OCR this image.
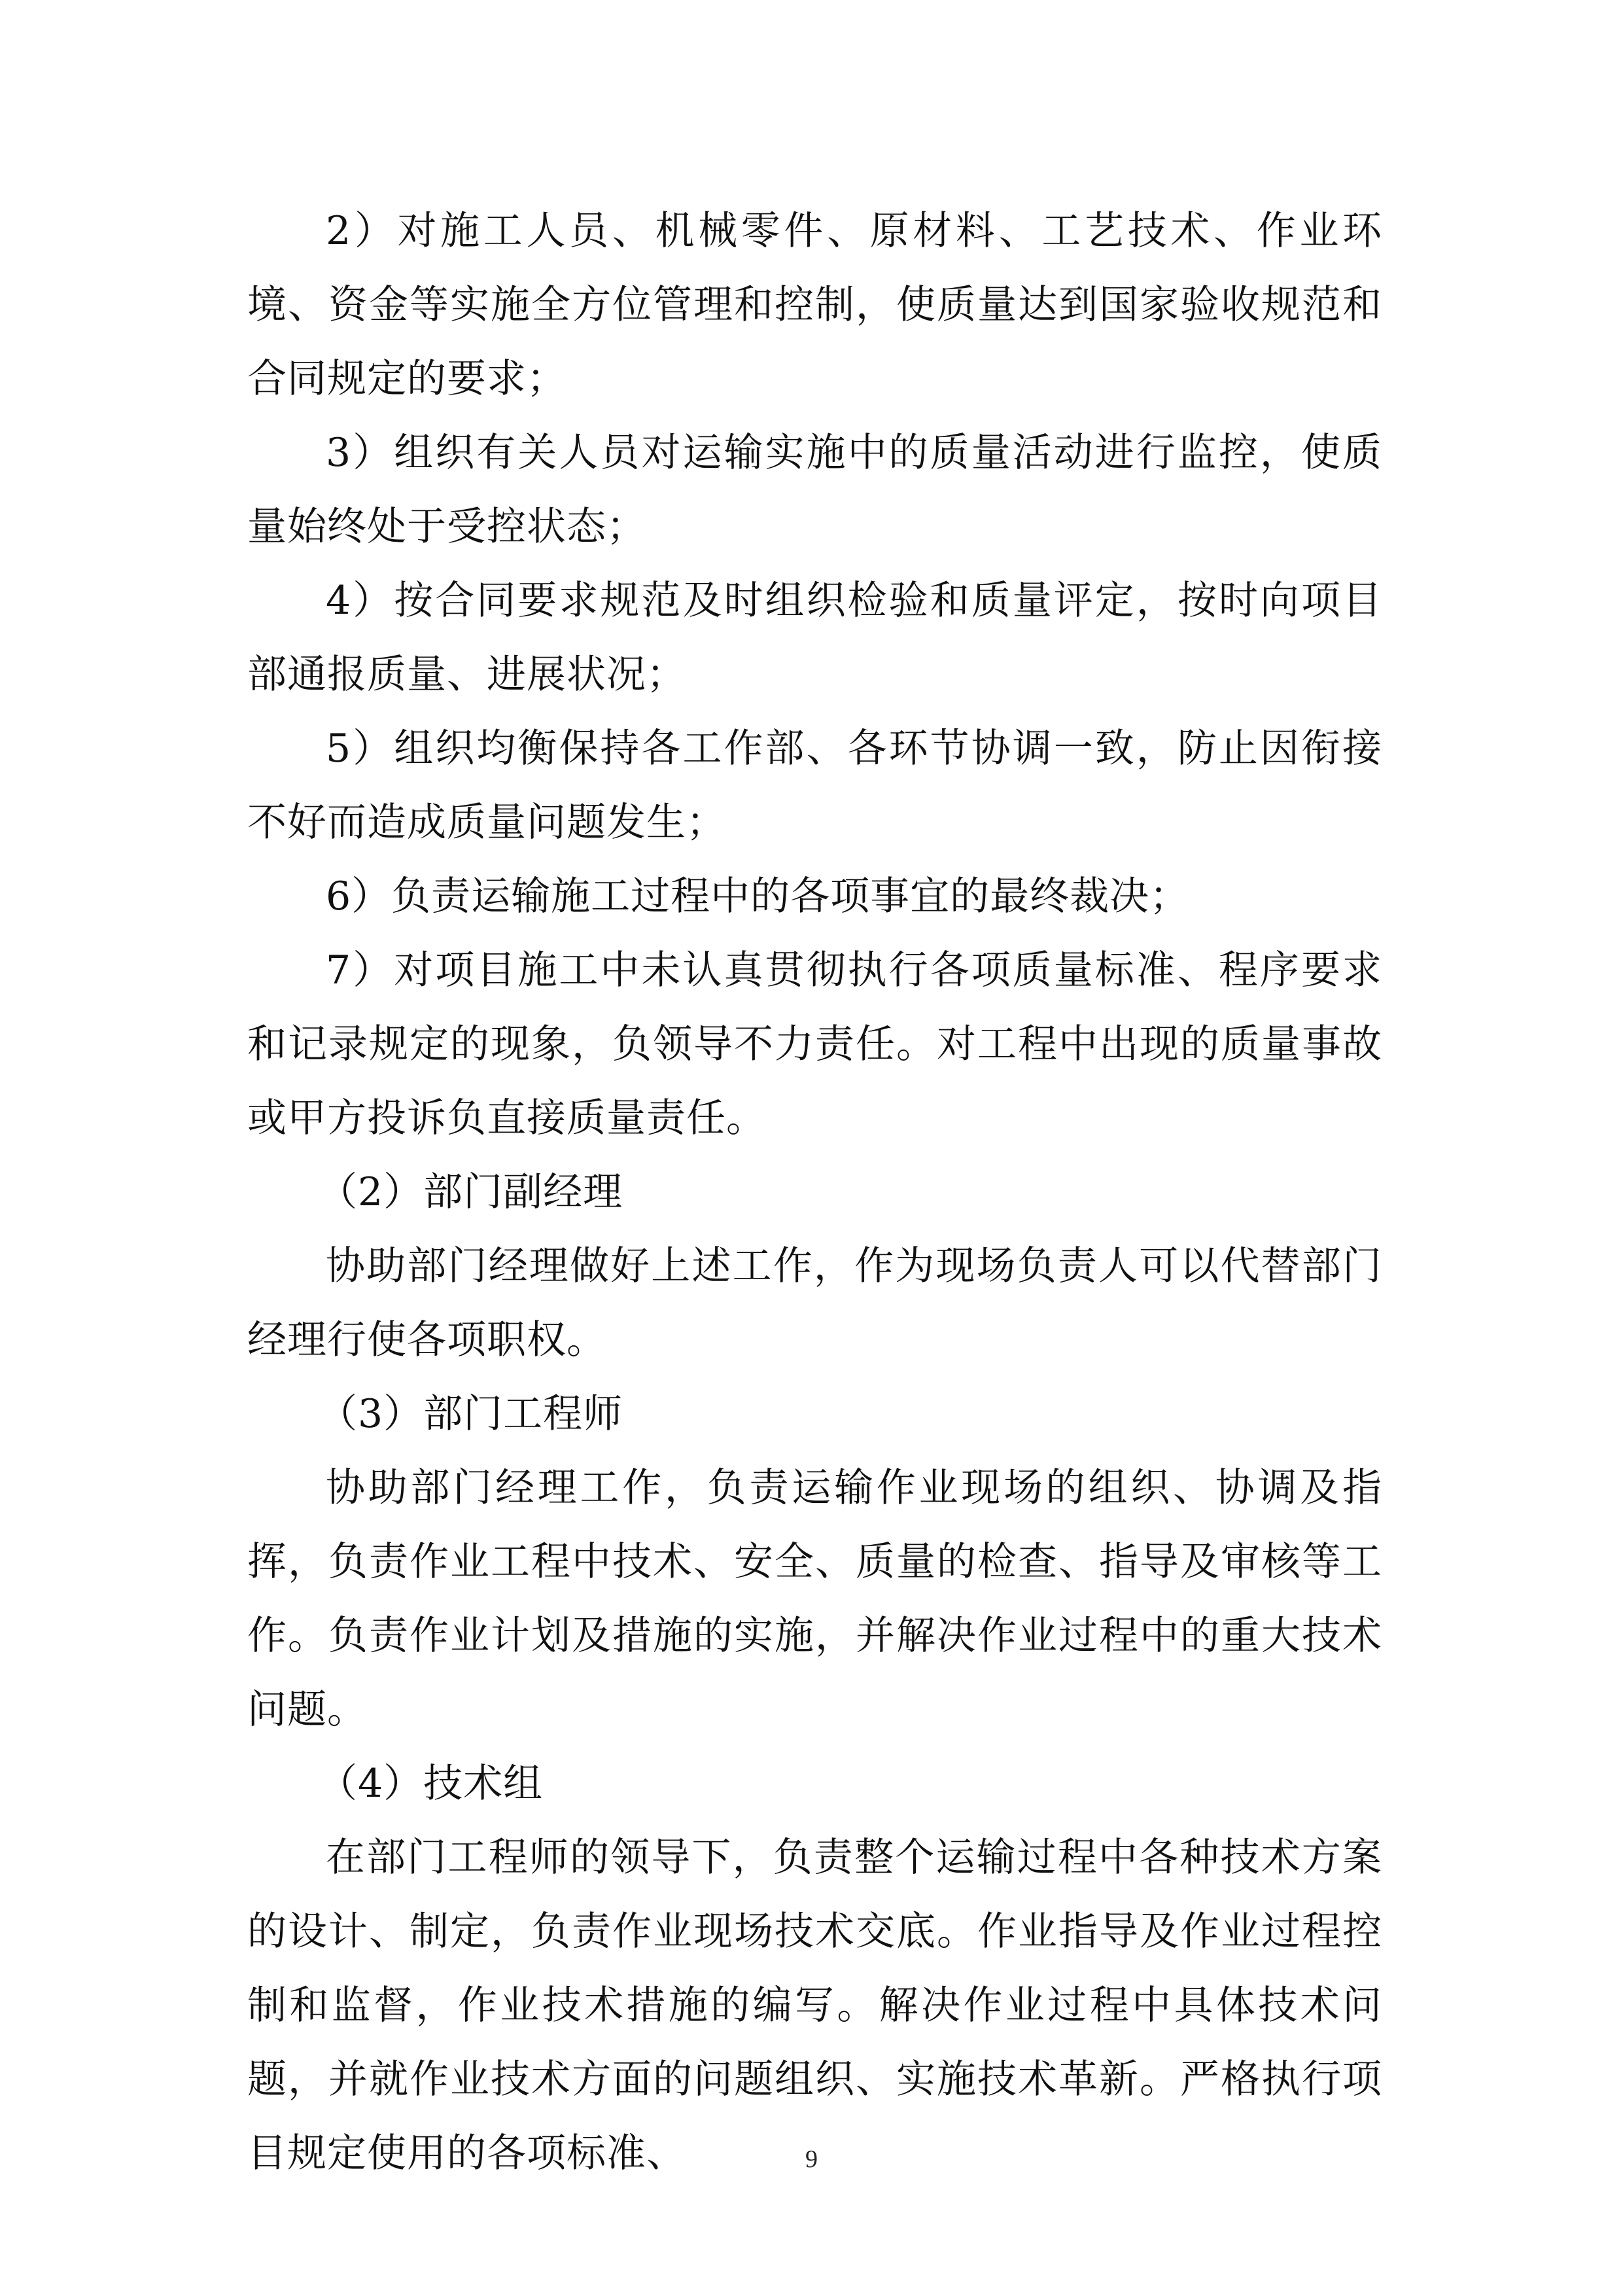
2）对施工人员、机械零件、原材料、工艺技术、作业环境、资金等实施全方位管理和控制，使质量达到国家验收规范和合同规定的要求；

3）组织有关人员对运输实施中的质量活动进行监控，使质量始终处于受控状态；

4）按合同要求规范及时组织检验和质量评定，按时向项目部通报质量、进展状况；

5）组织均衡保持各工作部、各环节协调一致，防止因衔接不好而造成质量问题发生；

6）负责运输施工过程中的各项事宜的最终裁决；

7）对项目施工中未认真贯彻执行各项质量标准、程序要求和记录规定的现象，负领导不力责任。对工程中出现的质量事故或甲方投诉负直接质量责任。

（2）部门副经理

协助部门经理做好上述工作，作为现场负责人可以代替部门经理行使各项职权。

（3）部门工程师

协助部门经理工作，负责运输作业现场的组织、协调及指挥，负责作业工程中技术、安全、质量的检查、指导及审核等工作。负责作业计划及措施的实施，并解决作业过程中的重大技术问题。

（4）技术组

在部门工程师的领导下，负责整个运输过程中各种技术方案的设计、制定，负责作业现场技术交底。作业指导及作业过程控制和监督，作业技术措施的编写。解决作业过程中具体技术问题，并就作业技术方面的问题组织、实施技术革新。严格执行项目规定使用的各项标准、	9
